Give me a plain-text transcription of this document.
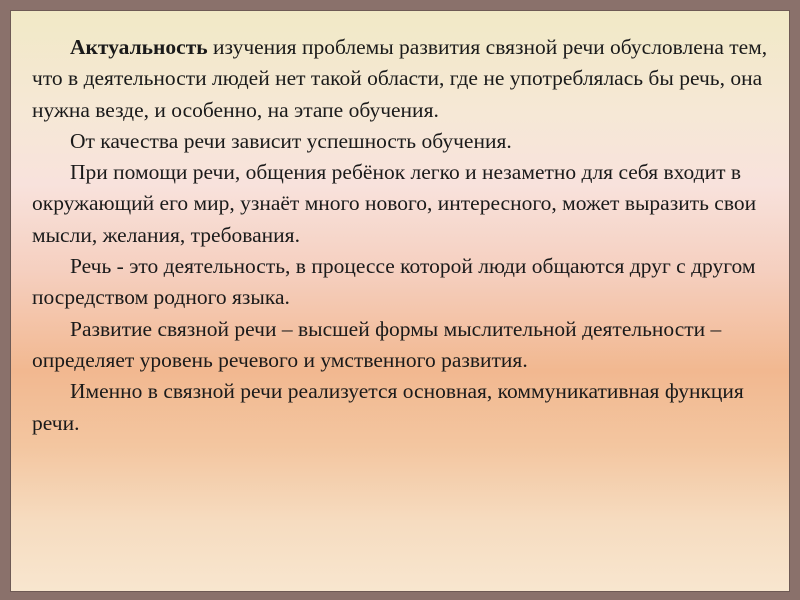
Актуальность изучения проблемы развития связной речи обусловлена тем, что в деятельности людей нет такой области, где не употреблялась бы речь, она нужна везде, и особенно, на этапе обучения.

От качества речи зависит успешность обучения.

При помощи речи, общения ребёнок легко и незаметно для себя входит в окружающий его мир, узнаёт много нового, интересного, может выразить свои мысли, желания, требования.

Речь - это деятельность, в процессе которой люди общаются друг с другом посредством родного языка.

Развитие связной речи – высшей формы мыслительной деятельности – определяет уровень речевого и умственного развития.

Именно в связной речи реализуется основная, коммуникативная функция речи.
